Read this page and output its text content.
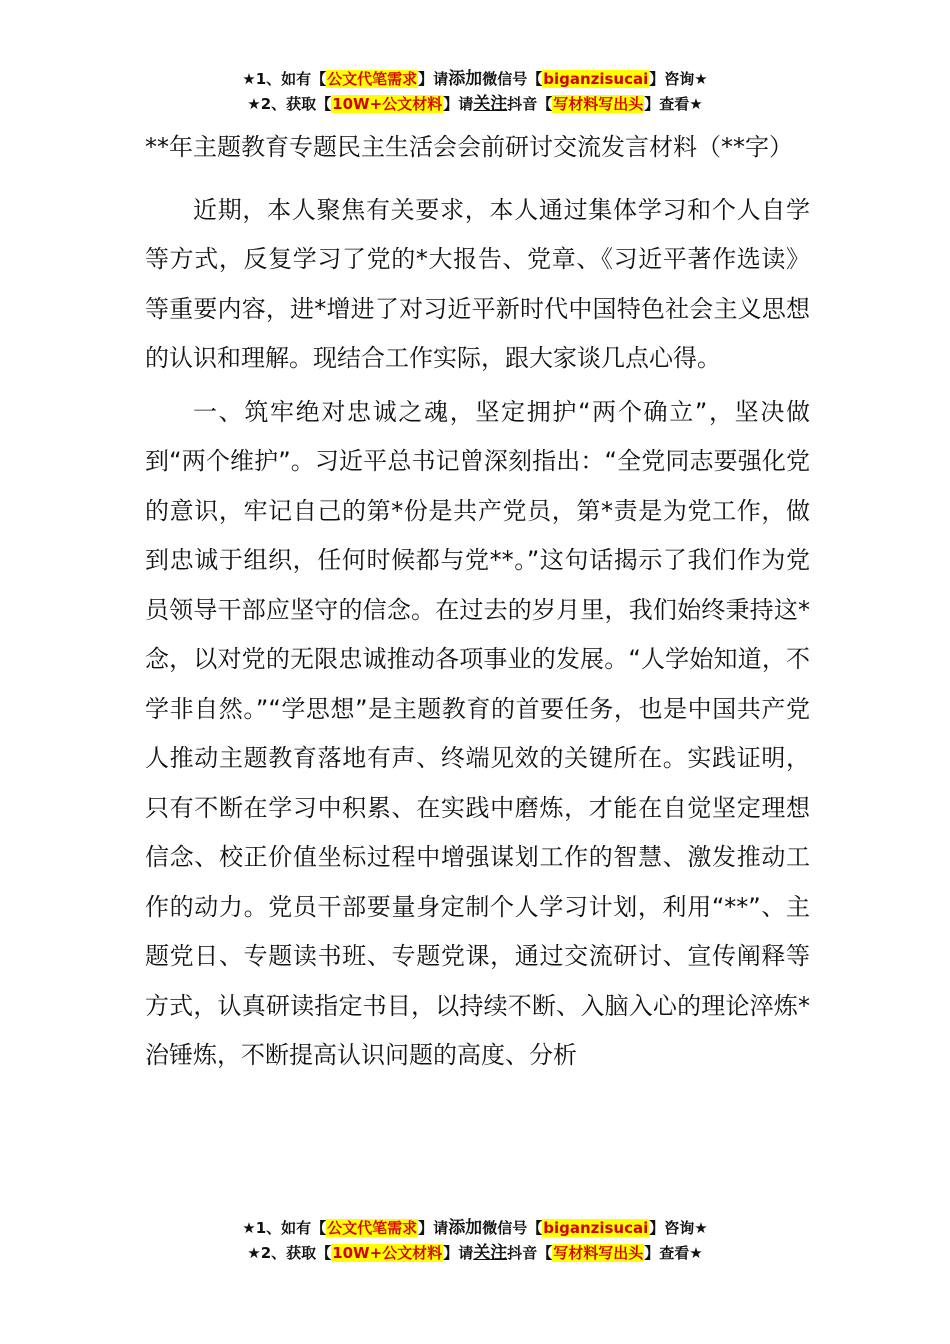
★1、如有【公文代笔需求】请添加微信号【biganzisucai】咨询★
★2、获取【10W+公文材料】请关注抖音【写材料写出头】查看★

**年主题教育专题民主生活会会前研讨交流发言材料（**字）

近期，本人聚焦有关要求，本人通过集体学习和个人自学等方式，反复学习了党的*大报告、党章、《习近平著作选读》等重要内容，进*增进了对习近平新时代中国特色社会主义思想的认识和理解。现结合工作实际，跟大家谈几点心得。

一、筑牢绝对忠诚之魂，坚定拥护“两个确立”，坚决做到“两个维护”。习近平总书记曾深刻指出：“全党同志要强化党的意识，牢记自己的第*份是共产党员，第*责是为党工作，做到忠诚于组织，任何时候都与党**。”这句话揭示了我们作为党员领导干部应坚守的信念。在过去的岁月里，我们始终秉持这*念，以对党的无限忠诚推动各项事业的发展。“人学始知道，不学非自然。”“学思想”是主题教育的首要任务，也是中国共产党人推动主题教育落地有声、终端见效的关键所在。实践证明，只有不断在学习中积累、在实践中磨炼，才能在自觉坚定理想信念、校正价值坐标过程中增强谋划工作的智慧、激发推动工作的动力。党员干部要量身定制个人学习计划，利用“**”、主题党日、专题读书班、专题党课，通过交流研讨、宣传阐释等方式，认真研读指定书目，以持续不断、入脑入心的理论淬炼*治锤炼，不断提高认识问题的高度、分析

★1、如有【公文代笔需求】请添加微信号【biganzisucai】咨询★
★2、获取【10W+公文材料】请关注抖音【写材料写出头】查看★
